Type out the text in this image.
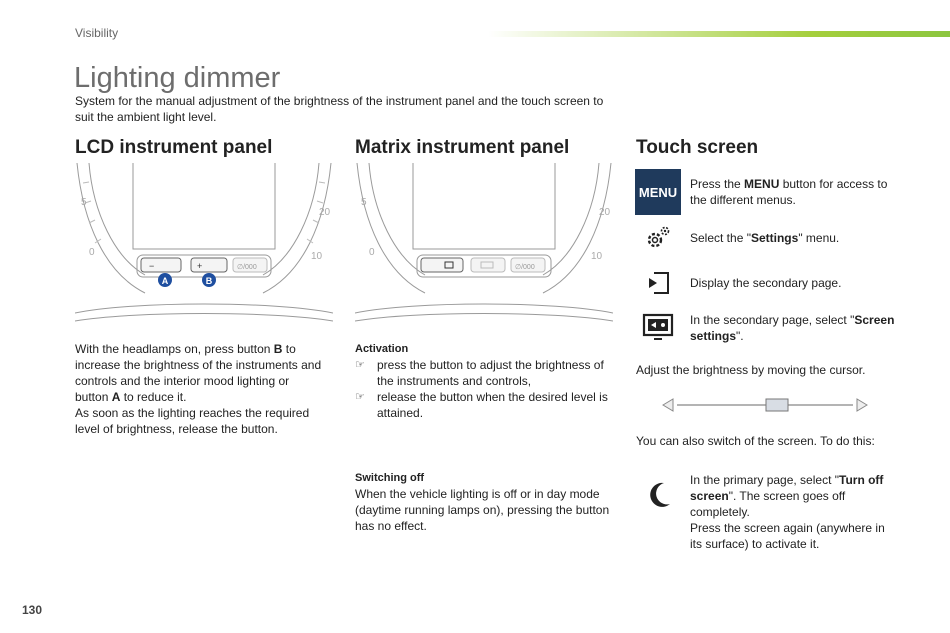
Visibility
Lighting dimmer
System for the manual adjustment of the brightness of the instrument panel and the touch screen to suit the ambient light level.
LCD instrument panel	Matrix instrument panel	Touch screen
5
0
20
10
−	+	∅/000
A	B
5
0
20
10
∅/000
With the headlamps on, press button B to increase the brightness of the instruments and controls and the interior mood lighting or button A to reduce it.
As soon as the lighting reaches the required level of brightness, release the button.
Activation
☞ press the button to adjust the brightness of the instruments and controls,
☞ release the button when the desired level is attained.
Switching off
When the vehicle lighting is off or in day mode (daytime running lamps on), pressing the button has no effect.
MENU
Press the MENU button for access to the different menus.
Select the "Settings" menu.
Display the secondary page.
In the secondary page, select "Screen settings".
Adjust the brightness by moving the cursor.
You can also switch of the screen. To do this:
In the primary page, select "Turn off screen". The screen goes off completely.
Press the screen again (anywhere in its surface) to activate it.
130
